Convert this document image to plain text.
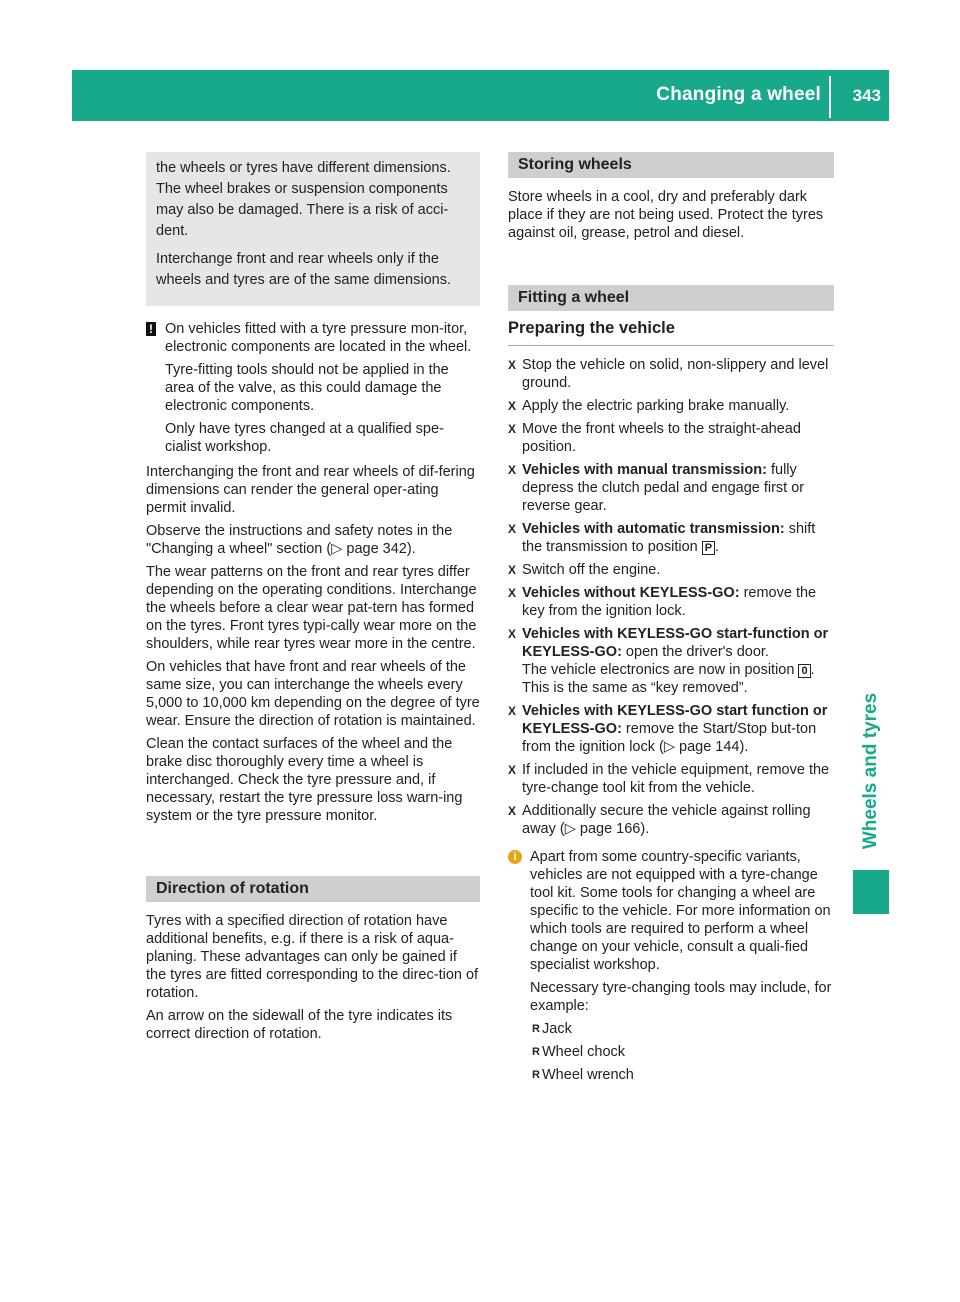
Changing a wheel 343
Wheels and tyres

the wheels or tyres have different dimensions. The wheel brakes or suspension components may also be damaged. There is a risk of acci-dent.

Interchange front and rear wheels only if the wheels and tyres are of the same dimensions.

! On vehicles fitted with a tyre pressure mon-itor, electronic components are located in the wheel.

Tyre-fitting tools should not be applied in the area of the valve, as this could damage the electronic components.

Only have tyres changed at a qualified spe-cialist workshop.

Interchanging the front and rear wheels of dif-fering dimensions can render the general oper-ating permit invalid.

Observe the instructions and safety notes in the "Changing a wheel" section (▷ page 342).

The wear patterns on the front and rear tyres differ depending on the operating conditions. Interchange the wheels before a clear wear pat-tern has formed on the tyres. Front tyres typi-cally wear more on the shoulders, while rear tyres wear more in the centre.

On vehicles that have front and rear wheels of the same size, you can interchange the wheels every 5,000 to 10,000 km depending on the degree of tyre wear. Ensure the direction of rotation is maintained.

Clean the contact surfaces of the wheel and the brake disc thoroughly every time a wheel is interchanged. Check the tyre pressure and, if necessary, restart the tyre pressure loss warn-ing system or the tyre pressure monitor.

Direction of rotation

Tyres with a specified direction of rotation have additional benefits, e.g. if there is a risk of aqua-planing. These advantages can only be gained if the tyres are fitted corresponding to the direc-tion of rotation.

An arrow on the sidewall of the tyre indicates its correct direction of rotation.

Storing wheels

Store wheels in a cool, dry and preferably dark place if they are not being used. Protect the tyres against oil, grease, petrol and diesel.

Fitting a wheel
Preparing the vehicle
X Stop the vehicle on solid, non-slippery and level ground.
X Apply the electric parking brake manually.
X Move the front wheels to the straight-ahead position.
X Vehicles with manual transmission: fully depress the clutch pedal and engage first or reverse gear.
X Vehicles with automatic transmission: shift the transmission to position P .
X Switch off the engine.
X Vehicles without KEYLESS-GO: remove the key from the ignition lock.
X Vehicles with KEYLESS-GO start-function or KEYLESS-GO: open the driver's door.
The vehicle electronics are now in position 0 . This is the same as “key removed”.
X Vehicles with KEYLESS-GO start function or KEYLESS-GO: remove the Start/Stop but-ton from the ignition lock (▷ page 144).
X If included in the vehicle equipment, remove the tyre-change tool kit from the vehicle.
X Additionally secure the vehicle against rolling away (▷ page 166).
i Apart from some country-specific variants, vehicles are not equipped with a tyre-change tool kit. Some tools for changing a wheel are specific to the vehicle. For more information on which tools are required to perform a wheel change on your vehicle, consult a quali-fied specialist workshop.

Necessary tyre-changing tools may include, for example:

R Jack
R Wheel chock
R Wheel wrench
